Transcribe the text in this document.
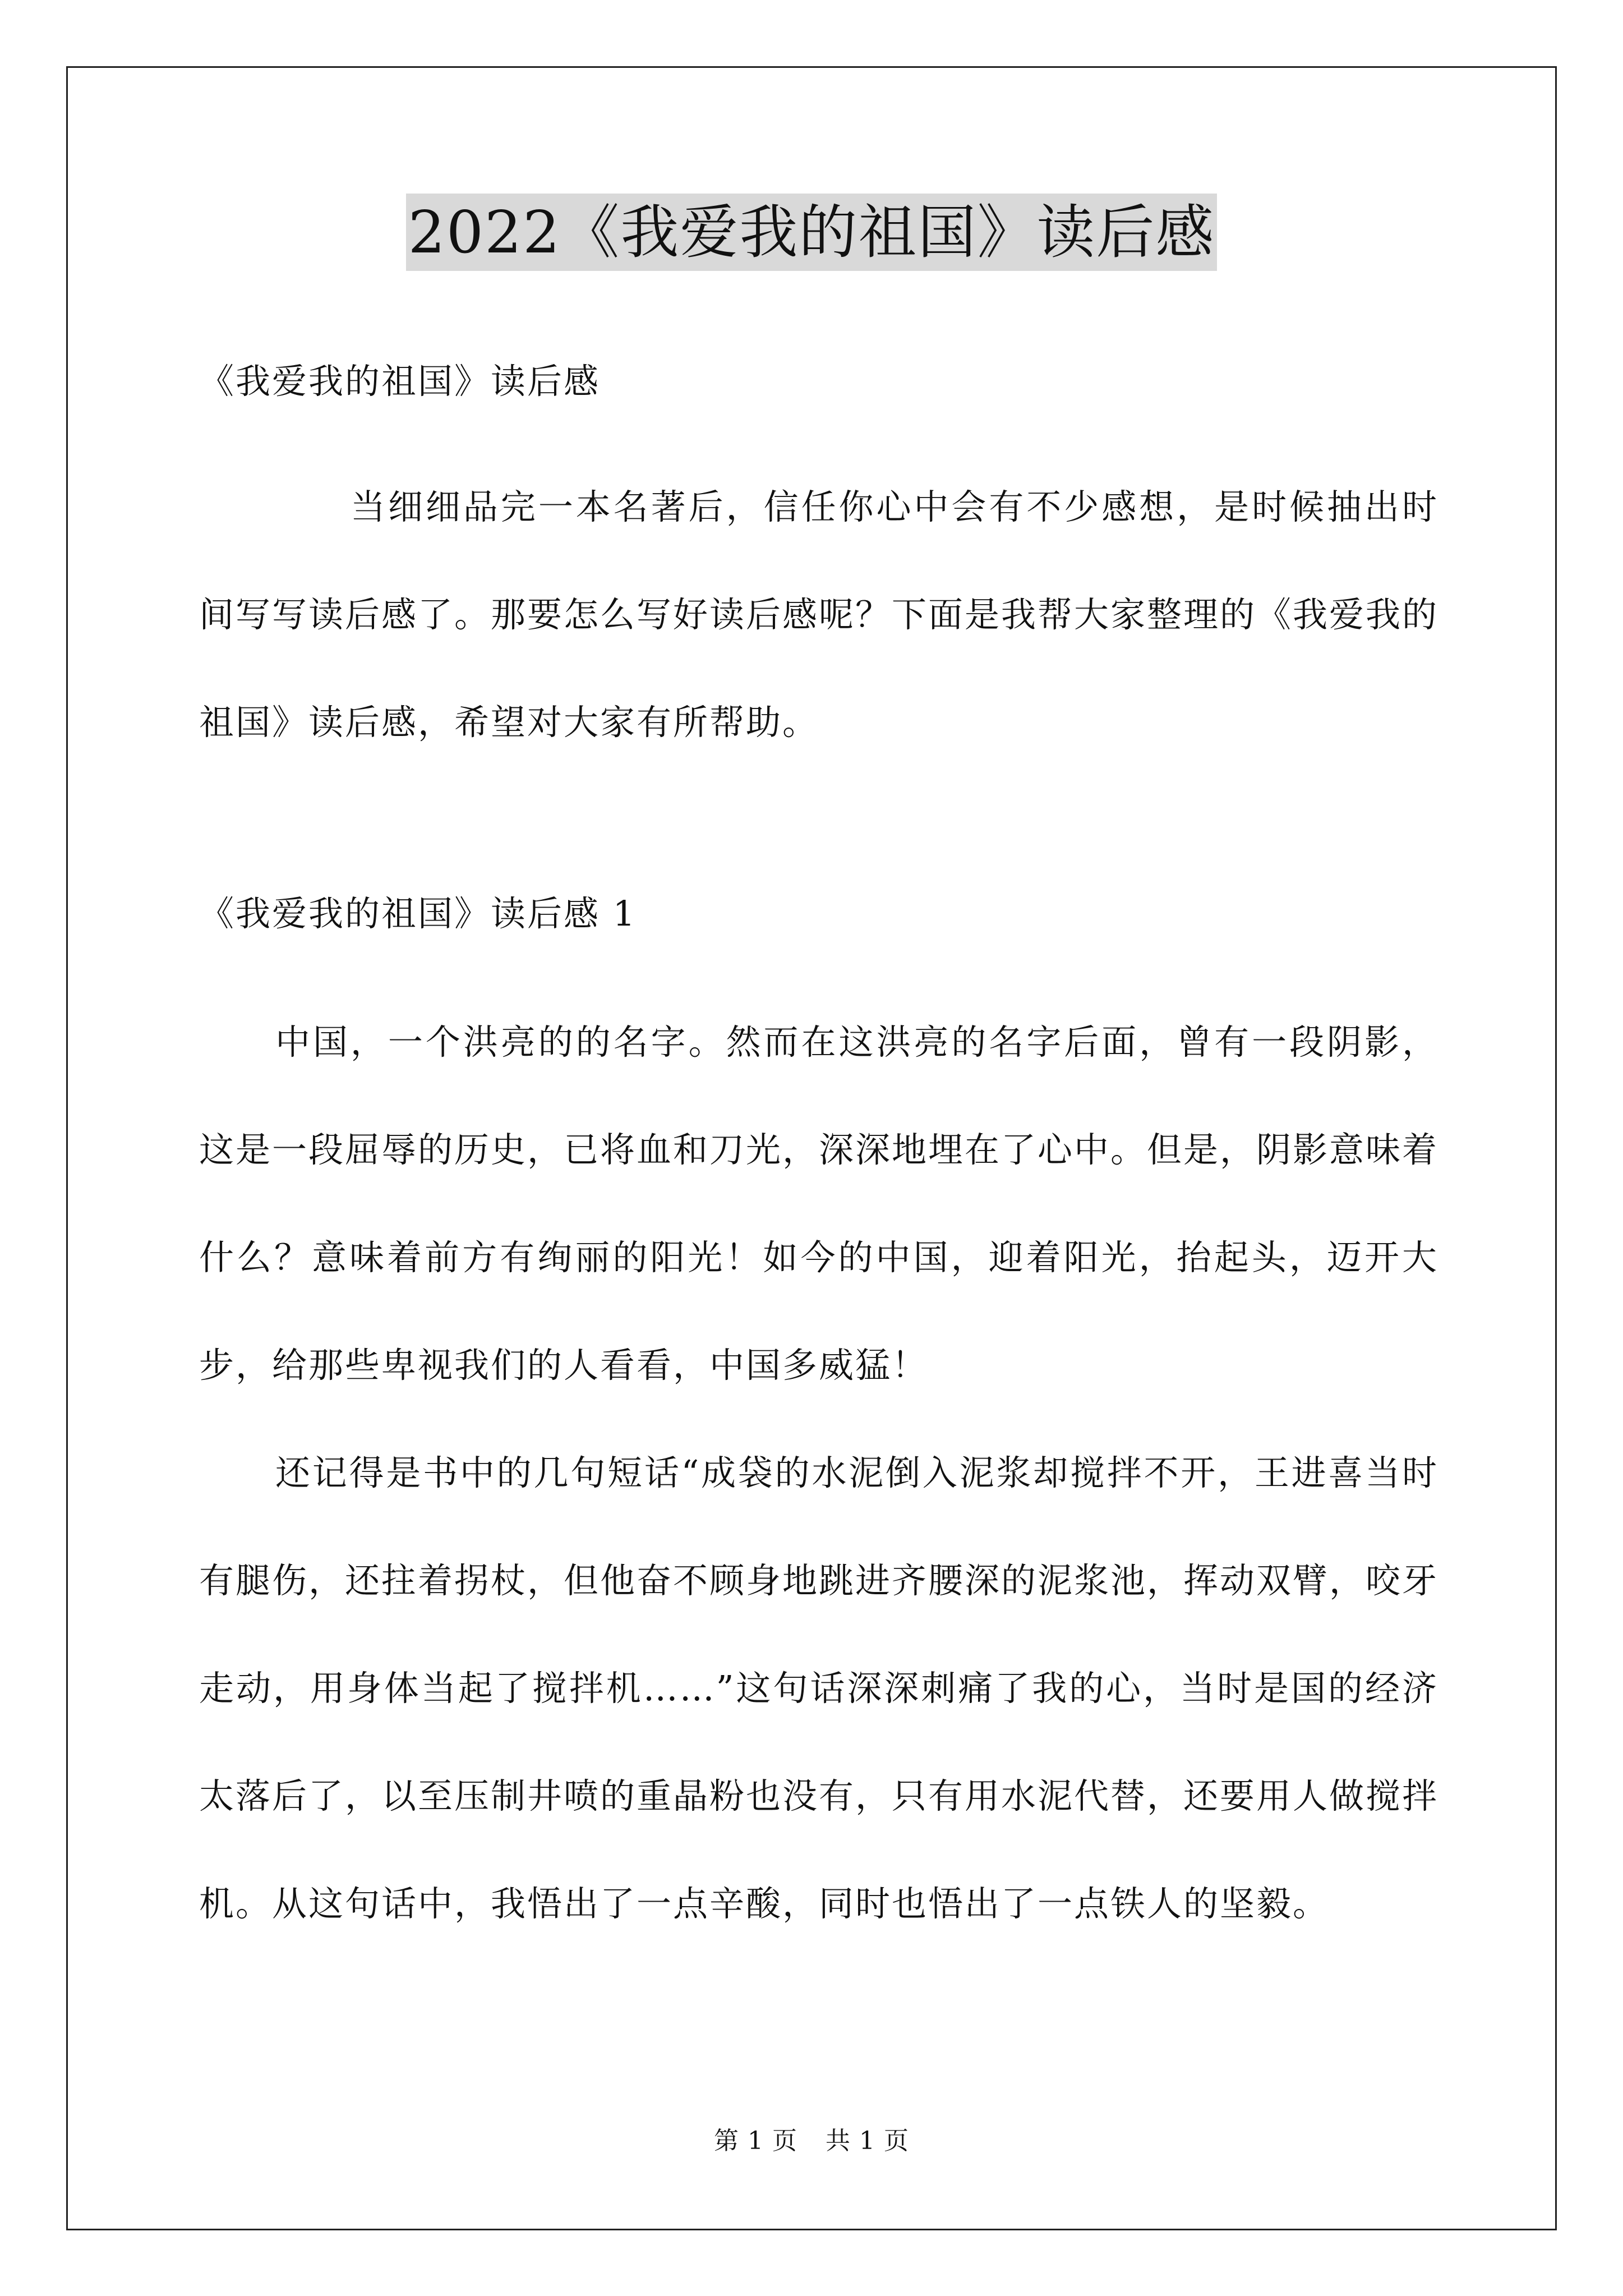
2022《我爱我的祖国》读后感

《我爱我的祖国》读后感

当细细品完一本名著后，信任你心中会有不少感想，是时候抽出时间写写读后感了。那要怎么写好读后感呢？下面是我帮大家整理的《我爱我的祖国》读后感，希望对大家有所帮助。

《我爱我的祖国》读后感 1

中国，一个洪亮的的名字。然而在这洪亮的名字后面，曾有一段阴影，这是一段屈辱的历史，已将血和刀光，深深地埋在了心中。但是，阴影意味着什么？意味着前方有绚丽的阳光！如今的中国，迎着阳光，抬起头，迈开大步，给那些卑视我们的人看看，中国多威猛！

还记得是书中的几句短话“成袋的水泥倒入泥浆却搅拌不开，王进喜当时有腿伤，还拄着拐杖，但他奋不顾身地跳进齐腰深的泥浆池，挥动双臂，咬牙走动，用身体当起了搅拌机……”这句话深深刺痛了我的心，当时是国的经济太落后了，以至压制井喷的重晶粉也没有，只有用水泥代替，还要用人做搅拌机。从这句话中，我悟出了一点辛酸，同时也悟出了一点铁人的坚毅。

第 1 页 共 1 页
